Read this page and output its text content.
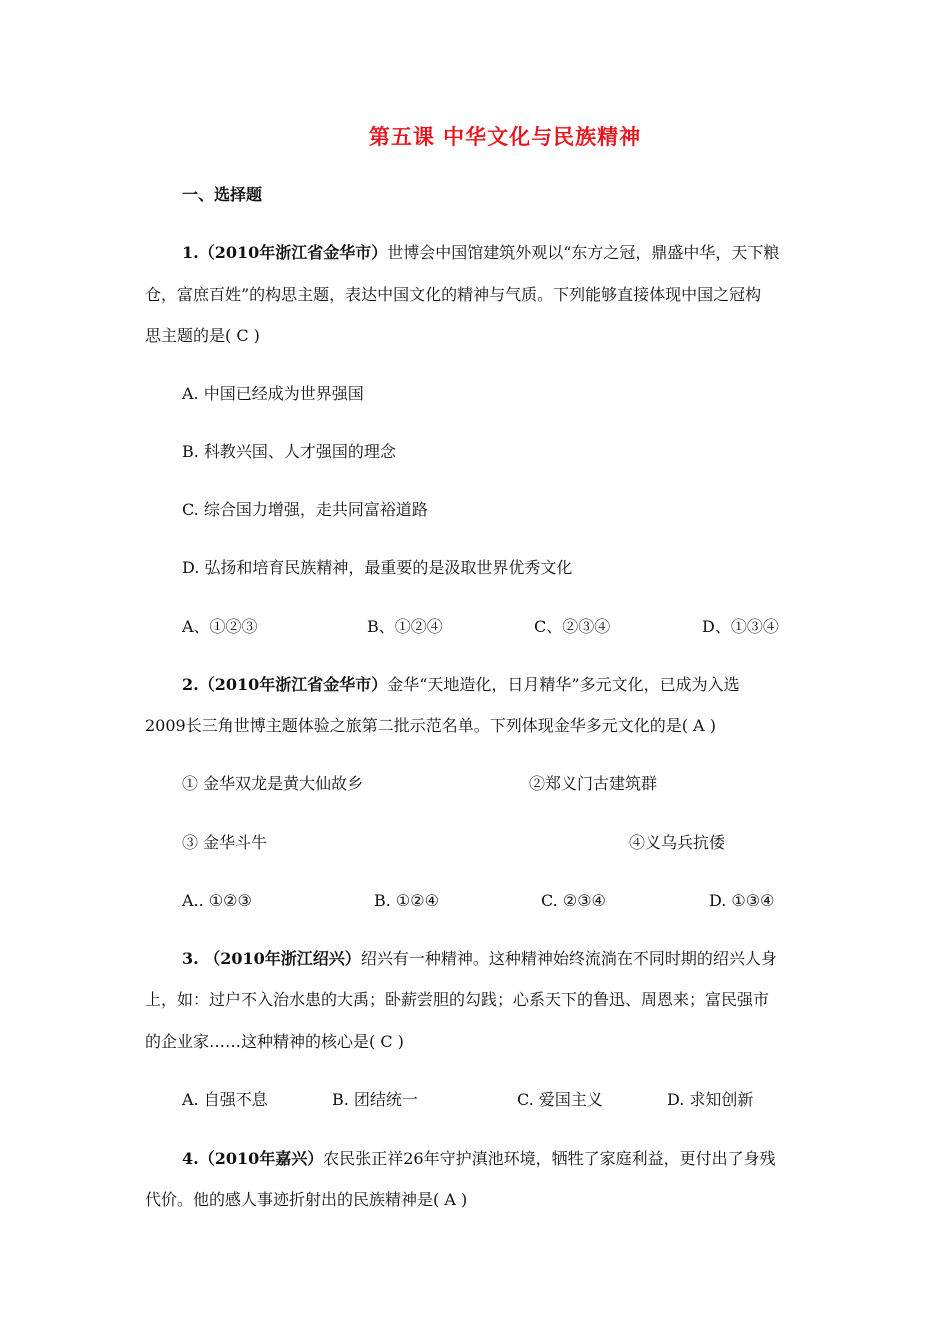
第五课 中华文化与民族精神
一、选择题
1.（2010年浙江省金华市）世博会中国馆建筑外观以“东方之冠，鼎盛中华，天下粮
仓，富庶百姓”的构思主题，表达中国文化的精神与气质。下列能够直接体现中国之冠构
思主题的是( C )
A. 中国已经成为世界强国
B. 科教兴国、人才强国的理念
C. 综合国力增强，走共同富裕道路
D. 弘扬和培育民族精神，最重要的是汲取世界优秀文化
A、①②③	B、①②④	C、②③④	D、①③④
2.（2010年浙江省金华市）金华“天地造化，日月精华”多元文化，已成为入选
2009长三角世博主题体验之旅第二批示范名单。下列体现金华多元文化的是( A )
① 金华双龙是黄大仙故乡	②郑义门古建筑群
③ 金华斗牛	④义乌兵抗倭
A.. ①②③	B. ①②④	C. ②③④	D. ①③④
3. （2010年浙江绍兴）绍兴有一种精神。这种精神始终流淌在不同时期的绍兴人身
上，如：过户不入治水患的大禹；卧薪尝胆的勾践；心系天下的鲁迅、周恩来；富民强市
的企业家……这种精神的核心是( C )
A. 自强不息	B. 团结统一	C. 爱国主义	D. 求知创新
4.（2010年嘉兴）农民张正祥26年守护滇池环境，牺牲了家庭利益，更付出了身残
代价。他的感人事迹折射出的民族精神是( A )
